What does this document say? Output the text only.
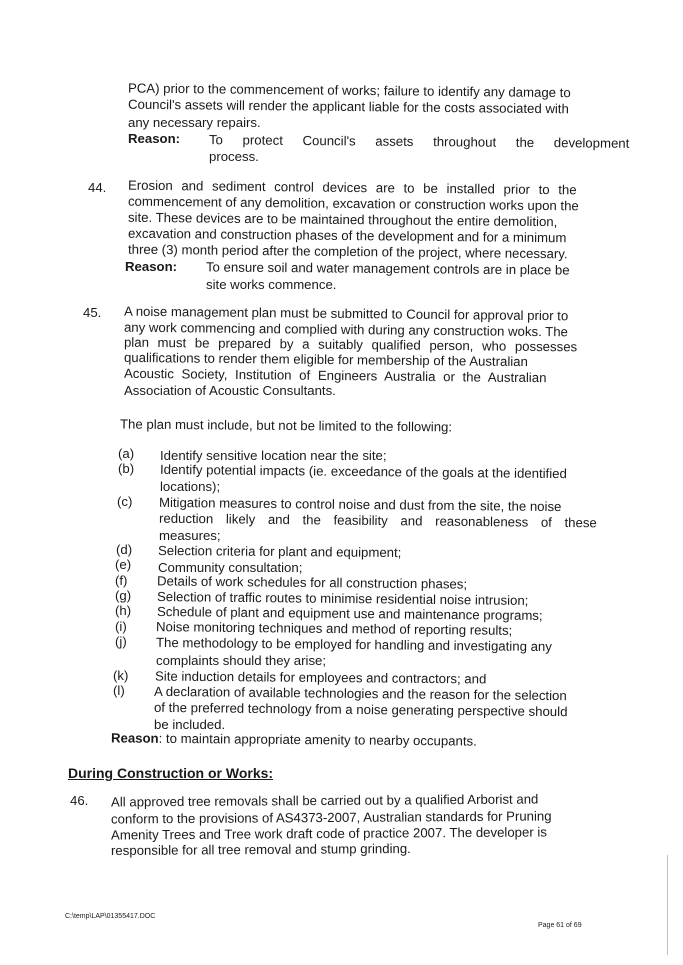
PCA) prior to the commencement of works; failure to identify any damage to
Council's assets will render the applicant liable for the costs associated with
any necessary repairs.
Reason: To protect Council's assets throughout the development
process.
44. Erosion and sediment control devices are to be installed prior to the
commencement of any demolition, excavation or construction works upon the
site. These devices are to be maintained throughout the entire demolition,
excavation and construction phases of the development and for a minimum
three (3) month period after the completion of the project, where necessary.
Reason: To ensure soil and water management controls are in place be
site works commence.
45. A noise management plan must be submitted to Council for approval prior to
any work commencing and complied with during any construction woks. The
plan must be prepared by a suitably qualified person, who possesses
qualifications to render them eligible for membership of the Australian
Acoustic Society, Institution of Engineers Australia or the Australian
Association of Acoustic Consultants.
The plan must include, but not be limited to the following:
(a) Identify sensitive location near the site;
(b) Identify potential impacts (ie. exceedance of the goals at the identified
locations);
(c) Mitigation measures to control noise and dust from the site, the noise
reduction likely and the feasibility and reasonableness of these
measures;
(d) Selection criteria for plant and equipment;
(e) Community consultation;
(f) Details of work schedules for all construction phases;
(g) Selection of traffic routes to minimise residential noise intrusion;
(h) Schedule of plant and equipment use and maintenance programs;
(i) Noise monitoring techniques and method of reporting results;
(j) The methodology to be employed for handling and investigating any
complaints should they arise;
(k) Site induction details for employees and contractors; and
(l) A declaration of available technologies and the reason for the selection
of the preferred technology from a noise generating perspective should
be included.
Reason: to maintain appropriate amenity to nearby occupants.
During Construction or Works:
46. All approved tree removals shall be carried out by a qualified Arborist and
conform to the provisions of AS4373-2007, Australian standards for Pruning
Amenity Trees and Tree work draft code of practice 2007. The developer is
responsible for all tree removal and stump grinding.
C:\temp\LAP\01355417.DOC
Page 61 of 69
